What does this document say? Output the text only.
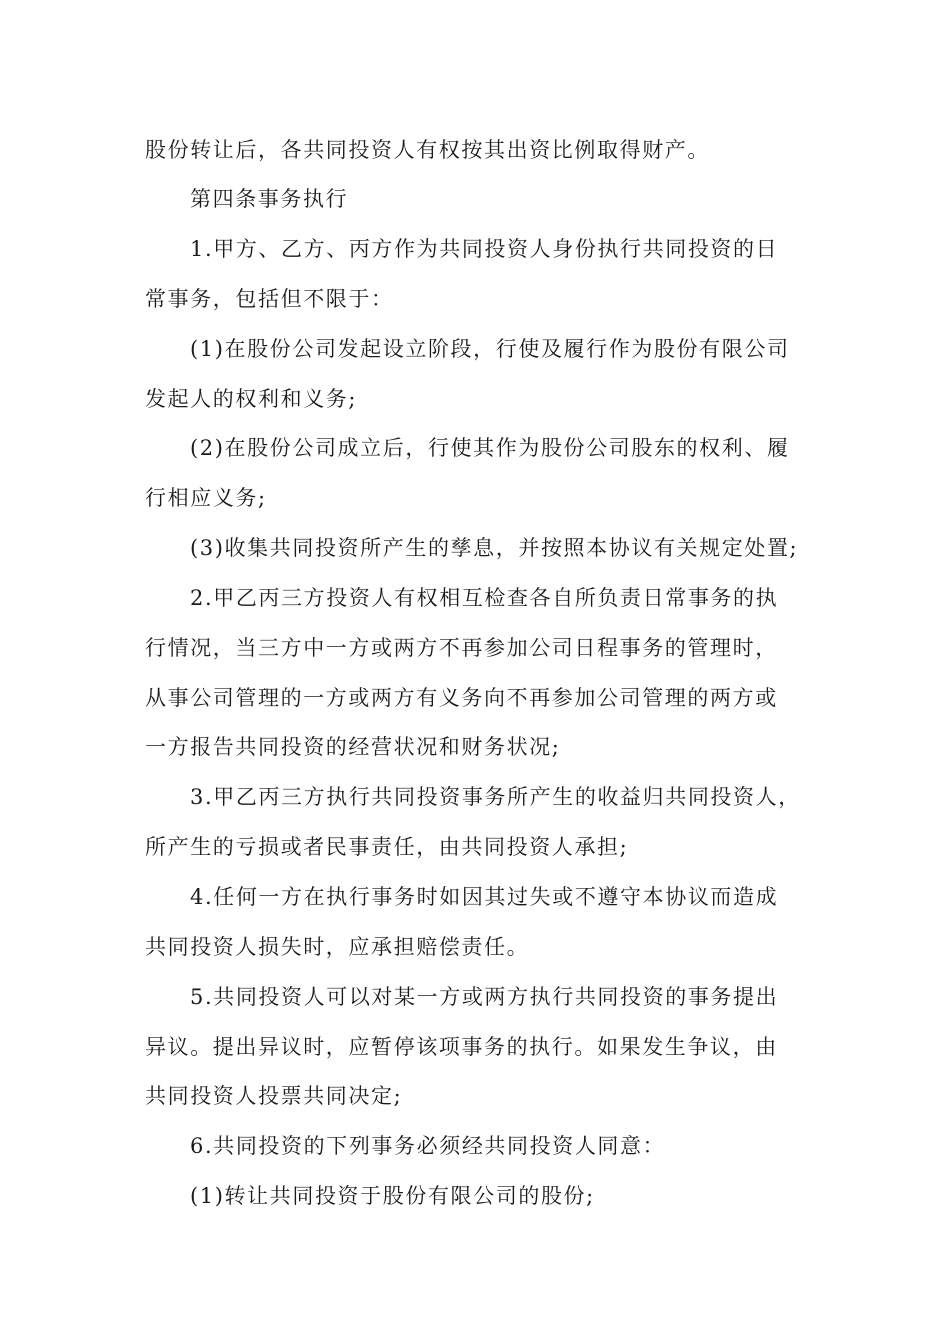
股份转让后，各共同投资人有权按其出资比例取得财产。
第四条事务执行
1.甲方、乙方、丙方作为共同投资人身份执行共同投资的日
常事务，包括但不限于：
(1)在股份公司发起设立阶段，行使及履行作为股份有限公司
发起人的权利和义务;
(2)在股份公司成立后，行使其作为股份公司股东的权利、履
行相应义务;
(3)收集共同投资所产生的孳息，并按照本协议有关规定处置;
2.甲乙丙三方投资人有权相互检查各自所负责日常事务的执
行情况，当三方中一方或两方不再参加公司日程事务的管理时，
从事公司管理的一方或两方有义务向不再参加公司管理的两方或
一方报告共同投资的经营状况和财务状况;
3.甲乙丙三方执行共同投资事务所产生的收益归共同投资人，
所产生的亏损或者民事责任，由共同投资人承担;
4.任何一方在执行事务时如因其过失或不遵守本协议而造成
共同投资人损失时，应承担赔偿责任。
5.共同投资人可以对某一方或两方执行共同投资的事务提出
异议。提出异议时，应暂停该项事务的执行。如果发生争议，由
共同投资人投票共同决定;
6.共同投资的下列事务必须经共同投资人同意：
(1)转让共同投资于股份有限公司的股份;
